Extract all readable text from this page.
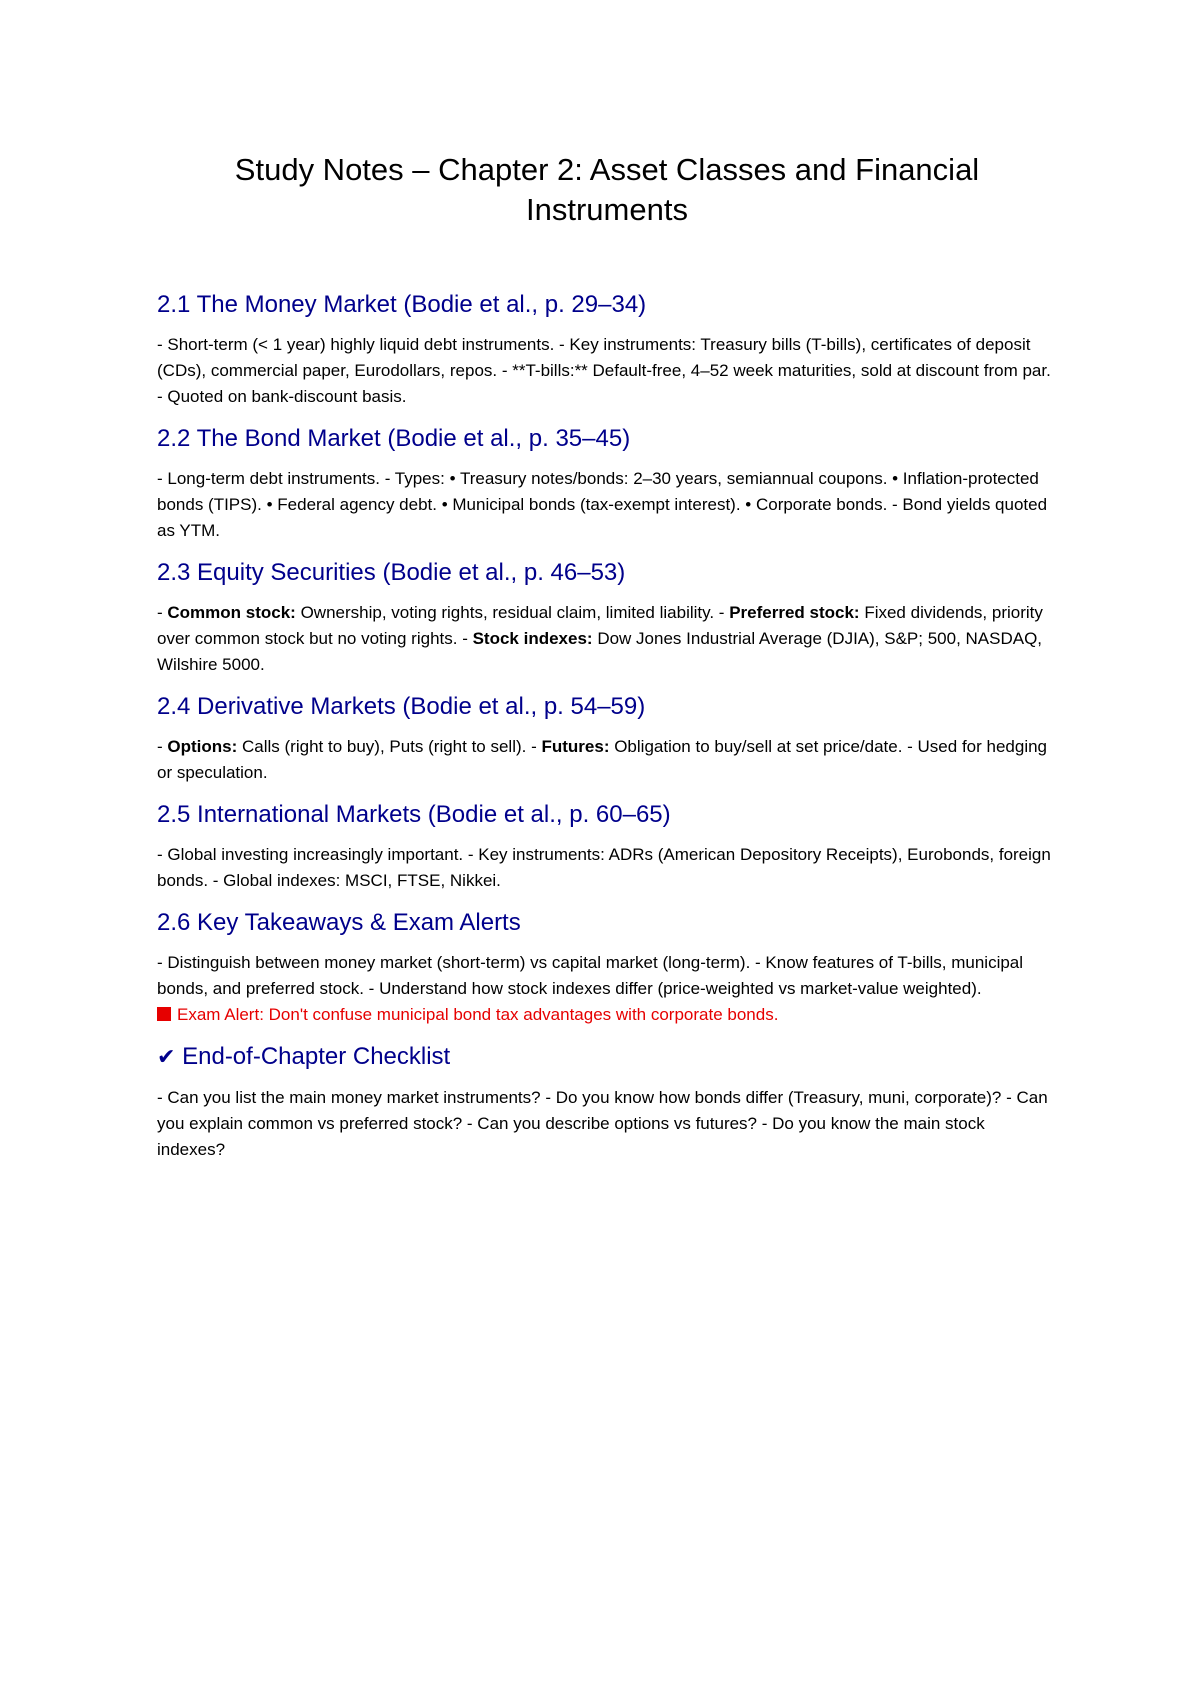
Study Notes – Chapter 2: Asset Classes and Financial Instruments
2.1 The Money Market (Bodie et al., p. 29–34)

- Short-term (< 1 year) highly liquid debt instruments. - Key instruments: Treasury bills (T-bills), certificates of deposit (CDs), commercial paper, Eurodollars, repos. - **T-bills:** Default-free, 4–52 week maturities, sold at discount from par. - Quoted on bank-discount basis.

2.2 The Bond Market (Bodie et al., p. 35–45)

- Long-term debt instruments. - Types: • Treasury notes/bonds: 2–30 years, semiannual coupons. • Inflation-protected bonds (TIPS). • Federal agency debt. • Municipal bonds (tax-exempt interest). • Corporate bonds. - Bond yields quoted as YTM.

2.3 Equity Securities (Bodie et al., p. 46–53)

- Common stock: Ownership, voting rights, residual claim, limited liability. - Preferred stock: Fixed dividends, priority over common stock but no voting rights. - Stock indexes: Dow Jones Industrial Average (DJIA), S&P; 500, NASDAQ, Wilshire 5000.

2.4 Derivative Markets (Bodie et al., p. 54–59)

- Options: Calls (right to buy), Puts (right to sell). - Futures: Obligation to buy/sell at set price/date. - Used for hedging or speculation.

2.5 International Markets (Bodie et al., p. 60–65)

- Global investing increasingly important. - Key instruments: ADRs (American Depository Receipts), Eurobonds, foreign bonds. - Global indexes: MSCI, FTSE, Nikkei.

2.6 Key Takeaways & Exam Alerts

- Distinguish between money market (short-term) vs capital market (long-term). - Know features of T-bills, municipal bonds, and preferred stock. - Understand how stock indexes differ (price-weighted vs market-value weighted).

Exam Alert: Don't confuse municipal bond tax advantages with corporate bonds.

✔ End-of-Chapter Checklist

- Can you list the main money market instruments? - Do you know how bonds differ (Treasury, muni, corporate)? - Can you explain common vs preferred stock? - Can you describe options vs futures? - Do you know the main stock indexes?
